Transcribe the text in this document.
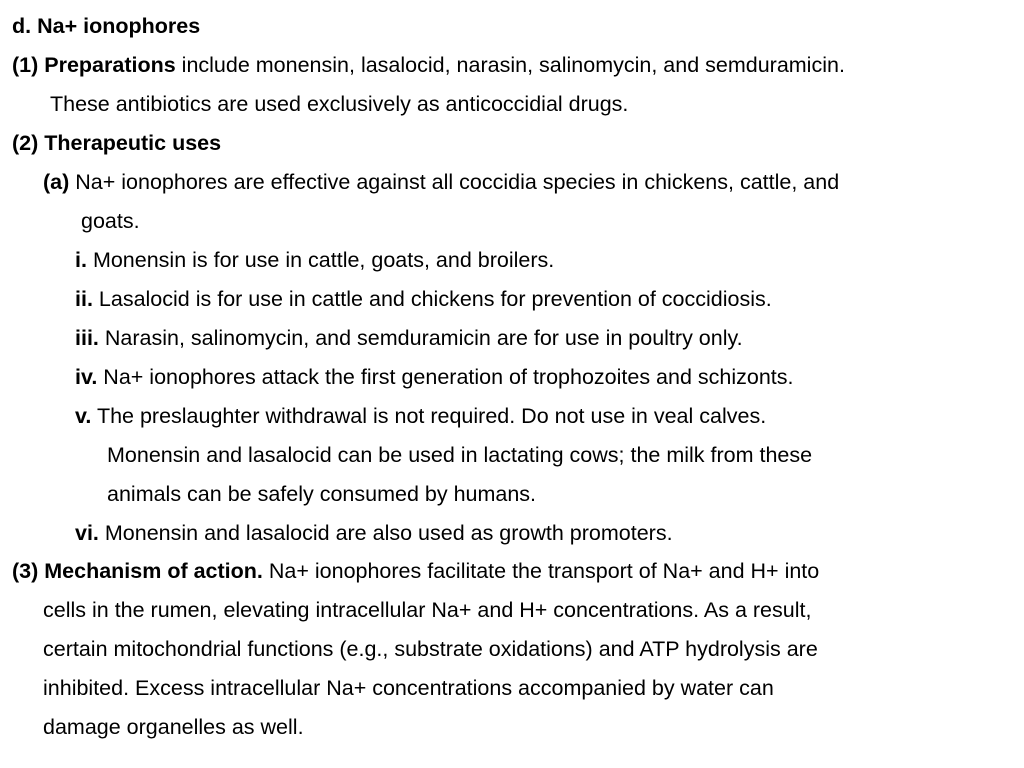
d. Na+ ionophores
(1) Preparations include monensin, lasalocid, narasin, salinomycin, and semduramicin.
These antibiotics are used exclusively as anticoccidial drugs.
(2) Therapeutic uses
(a) Na+ ionophores are effective against all coccidia species in chickens, cattle, and
goats.
i. Monensin is for use in cattle, goats, and broilers.
ii. Lasalocid is for use in cattle and chickens for prevention of coccidiosis.
iii. Narasin, salinomycin, and semduramicin are for use in poultry only.
iv. Na+ ionophores attack the first generation of trophozoites and schizonts.
v. The preslaughter withdrawal is not required. Do not use in veal calves.
Monensin and lasalocid can be used in lactating cows; the milk from these
animals can be safely consumed by humans.
vi. Monensin and lasalocid are also used as growth promoters.
(3) Mechanism of action. Na+ ionophores facilitate the transport of Na+ and H+ into
cells in the rumen, elevating intracellular Na+ and H+ concentrations. As a result,
certain mitochondrial functions (e.g., substrate oxidations) and ATP hydrolysis are
inhibited. Excess intracellular Na+ concentrations accompanied by water can
damage organelles as well.
